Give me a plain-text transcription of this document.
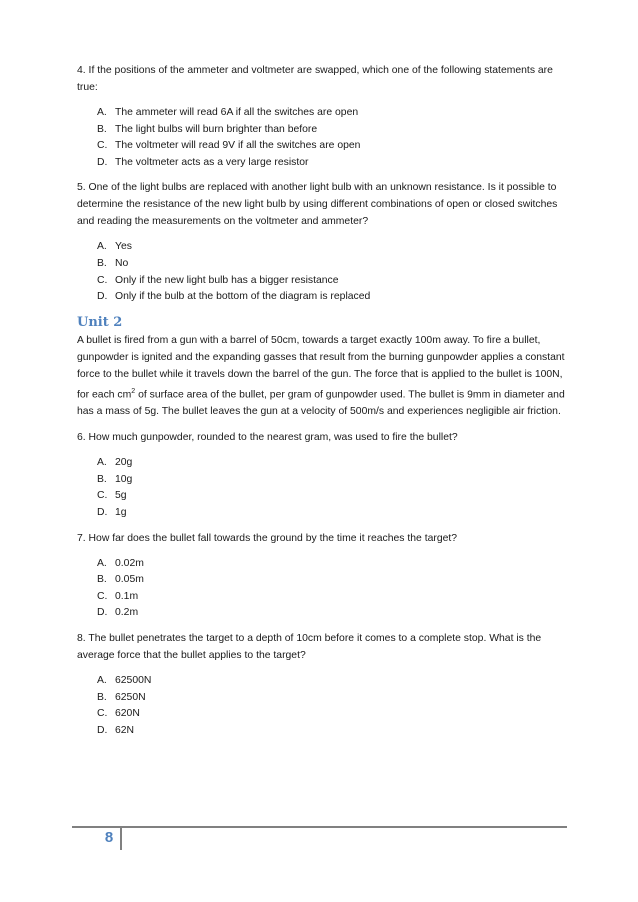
4. If the positions of the ammeter and voltmeter are swapped, which one of the following statements are true:

A. The ammeter will read 6A if all the switches are open
B. The light bulbs will burn brighter than before
C. The voltmeter will read 9V if all the switches are open
D. The voltmeter acts as a very large resistor

5. One of the light bulbs are replaced with another light bulb with an unknown resistance. Is it possible to determine the resistance of the new light bulb by using different combinations of open or closed switches and reading the measurements on the voltmeter and ammeter?

A. Yes
B. No
C. Only if the new light bulb has a bigger resistance
D. Only if the bulb at the bottom of the diagram is replaced
Unit 2

A bullet is fired from a gun with a barrel of 50cm, towards a target exactly 100m away. To fire a bullet, gunpowder is ignited and the expanding gasses that result from the burning gunpowder applies a constant force to the bullet while it travels down the barrel of the gun. The force that is applied to the bullet is 100N, for each $cm^2$ of surface area of the bullet, per gram of gunpowder used. The bullet is 9mm in diameter and has a mass of 5g. The bullet leaves the gun at a velocity of 500m/s and experiences negligible air friction.

6. How much gunpowder, rounded to the nearest gram, was used to fire the bullet?

A. 20g
B. 10g
C. 5g
D. 1g

7. How far does the bullet fall towards the ground by the time it reaches the target?

A. 0.02m
B. 0.05m
C. 0.1m
D. 0.2m

8. The bullet penetrates the target to a depth of 10cm before it comes to a complete stop. What is the average force that the bullet applies to the target?

A. 62500N
B. 6250N
C. 620N
D. 62N
8
